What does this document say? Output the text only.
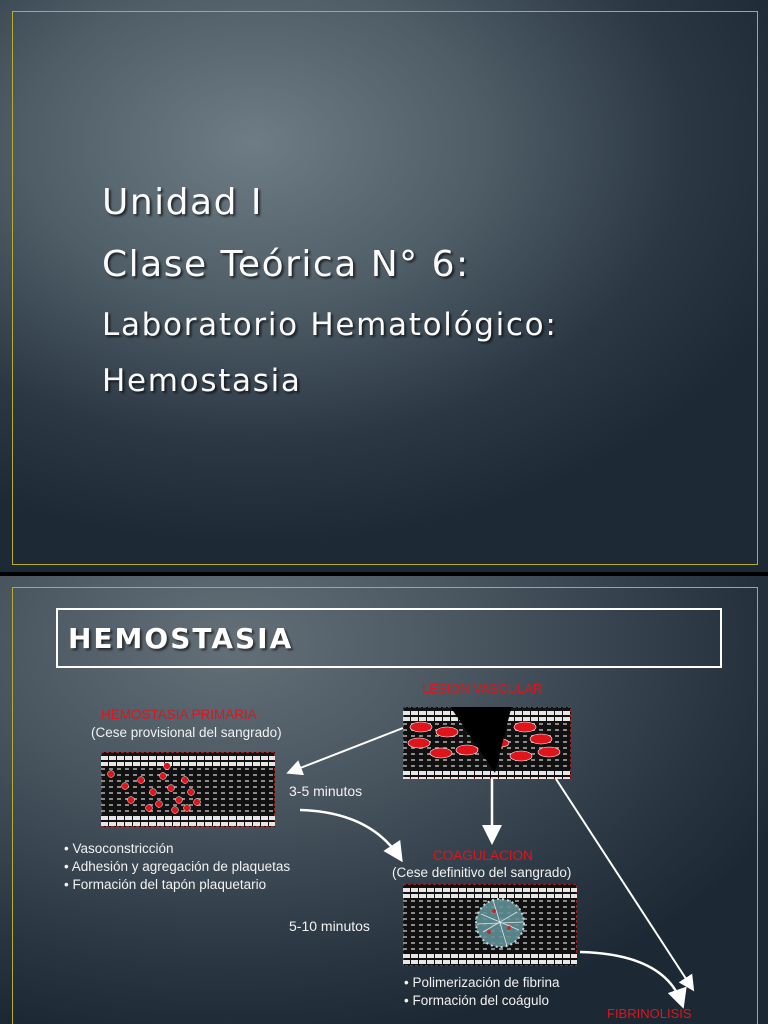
Unidad I
Clase Teórica N° 6:
Laboratorio Hematológico:
Hemostasia
HEMOSTASIA
LESION VASCULAR
HEMOSTASIA PRIMARIA
(Cese provisional del sangrado)
3-5 minutos
• Vasoconstricción
• Adhesión y agregación de plaquetas
• Formación del tapón plaquetario
COAGULACION
(Cese definitivo del sangrado)
5-10 minutos
• Polimerización de fibrina
• Formación del coágulo
FIBRINOLISIS
